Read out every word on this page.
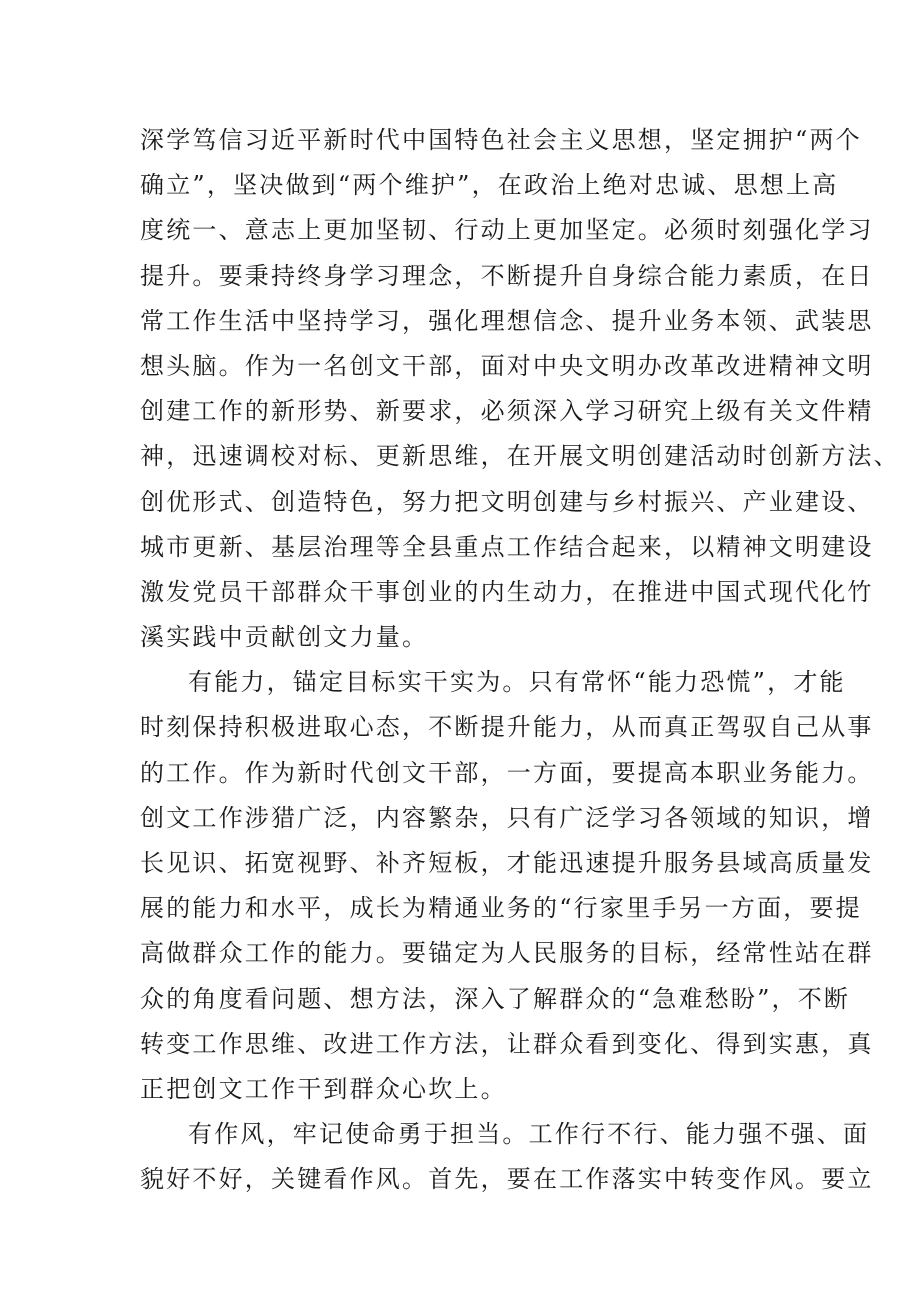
深学笃信习近平新时代中国特色社会主义思想，坚定拥护“两个
确立”，坚决做到“两个维护”，在政治上绝对忠诚、思想上高
度统一、意志上更加坚韧、行动上更加坚定。必须时刻强化学习
提升。要秉持终身学习理念，不断提升自身综合能力素质，在日
常工作生活中坚持学习，强化理想信念、提升业务本领、武装思
想头脑。作为一名创文干部，面对中央文明办改革改进精神文明
创建工作的新形势、新要求，必须深入学习研究上级有关文件精
神，迅速调校对标、更新思维，在开展文明创建活动时创新方法、
创优形式、创造特色，努力把文明创建与乡村振兴、产业建设、
城市更新、基层治理等全县重点工作结合起来，以精神文明建设
激发党员干部群众干事创业的内生动力，在推进中国式现代化竹
溪实践中贡献创文力量。
有能力，锚定目标实干实为。只有常怀“能力恐慌”，才能
时刻保持积极进取心态，不断提升能力，从而真正驾驭自己从事
的工作。作为新时代创文干部，一方面，要提高本职业务能力。
创文工作涉猎广泛，内容繁杂，只有广泛学习各领域的知识，增
长见识、拓宽视野、补齐短板，才能迅速提升服务县域高质量发
展的能力和水平，成长为精通业务的“行家里手另一方面，要提
高做群众工作的能力。要锚定为人民服务的目标，经常性站在群
众的角度看问题、想方法，深入了解群众的“急难愁盼”，不断
转变工作思维、改进工作方法，让群众看到变化、得到实惠，真
正把创文工作干到群众心坎上。
有作风，牢记使命勇于担当。工作行不行、能力强不强、面
貌好不好，关键看作风。首先，要在工作落实中转变作风。要立
